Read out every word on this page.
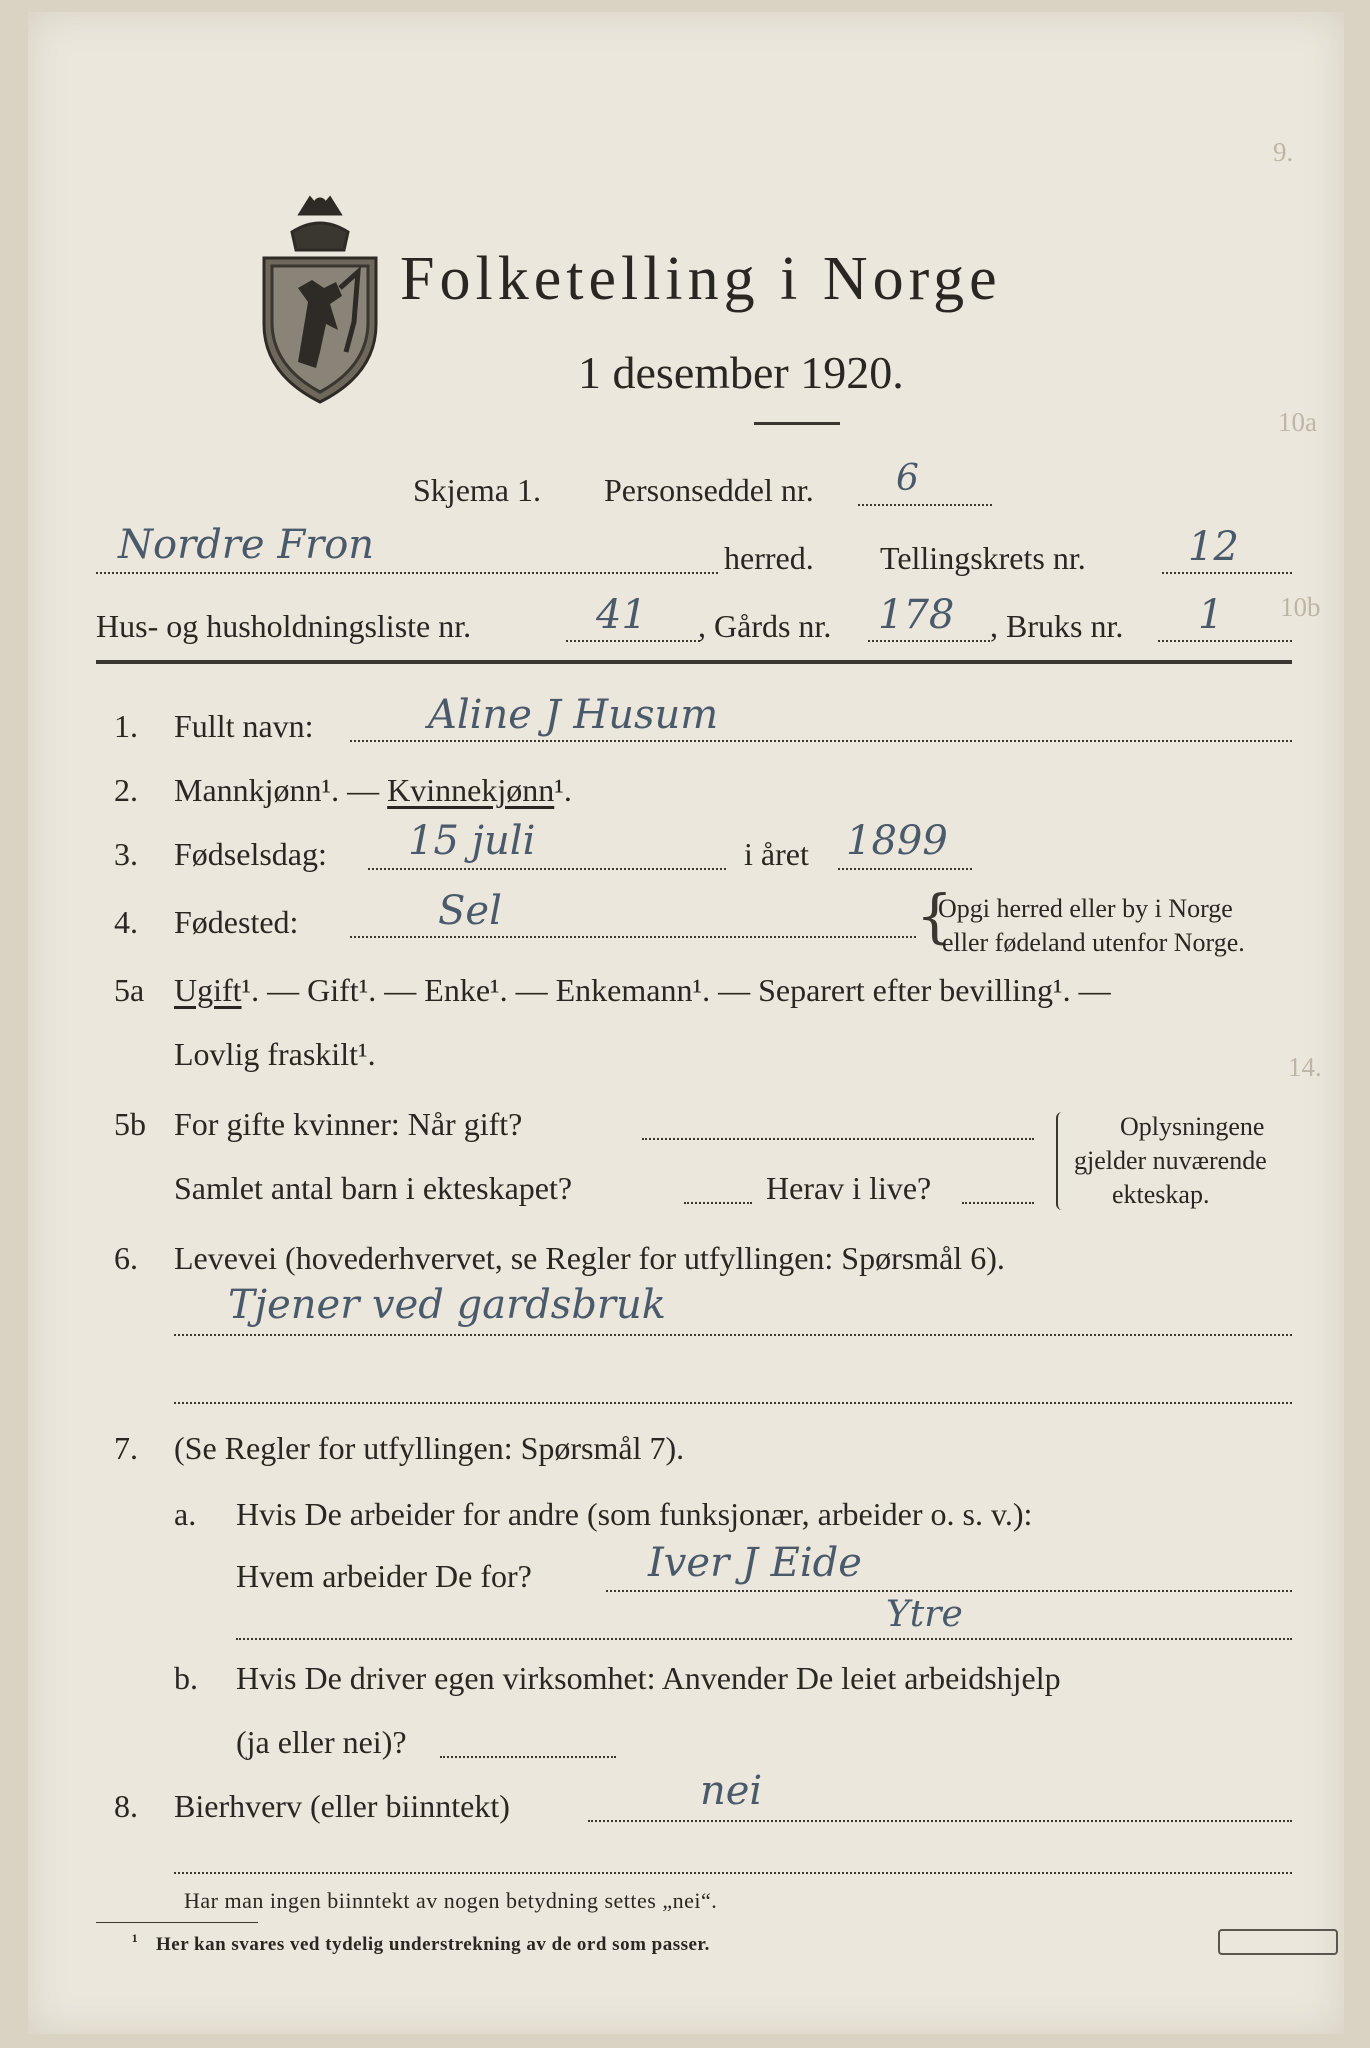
9.
10a
10b
14.
Folketelling i Norge
1 desember 1920.
Skjema 1. Personseddel nr. 6
Nordre Fron	herred. Tellingskrets nr.	12
Hus- og husholdningsliste nr.	41 , Gårds nr. 178 , Bruks nr. 1
1. Fullt navn:	Aline J Husum
2. Mannkjønn¹. — Kvinnekjønn¹.
3. Fødselsdag: 15 juli	i året 1899
4. Fødested:	Sel	{
Opgi herred eller by i Norge
eller fødeland utenfor Norge.
5a Ugift¹. — Gift¹. — Enke¹. — Enkemann¹. — Separert efter bevilling¹. —
Lovlig fraskilt¹.
5b For gifte kvinner: Når gift?
Samlet antal barn i ekteskapet?	Herav i live?
Oplysningene
gjelder nuværende
ekteskap.
6. Levevei (hovederhvervet, se Regler for utfyllingen: Spørsmål 6).
Tjener ved gardsbruk
7. (Se Regler for utfyllingen: Spørsmål 7).
a. Hvis De arbeider for andre (som funksjonær, arbeider o. s. v.):
Hvem arbeider De for?	Iver J Eide
Ytre
b. Hvis De driver egen virksomhet: Anvender De leiet arbeidshjelp
(ja eller nei)?
8. Bierhverv (eller biinntekt)	nei
Har man ingen biinntekt av nogen betydning settes „nei“.
¹ Her kan svares ved tydelig understrekning av de ord som passer.
